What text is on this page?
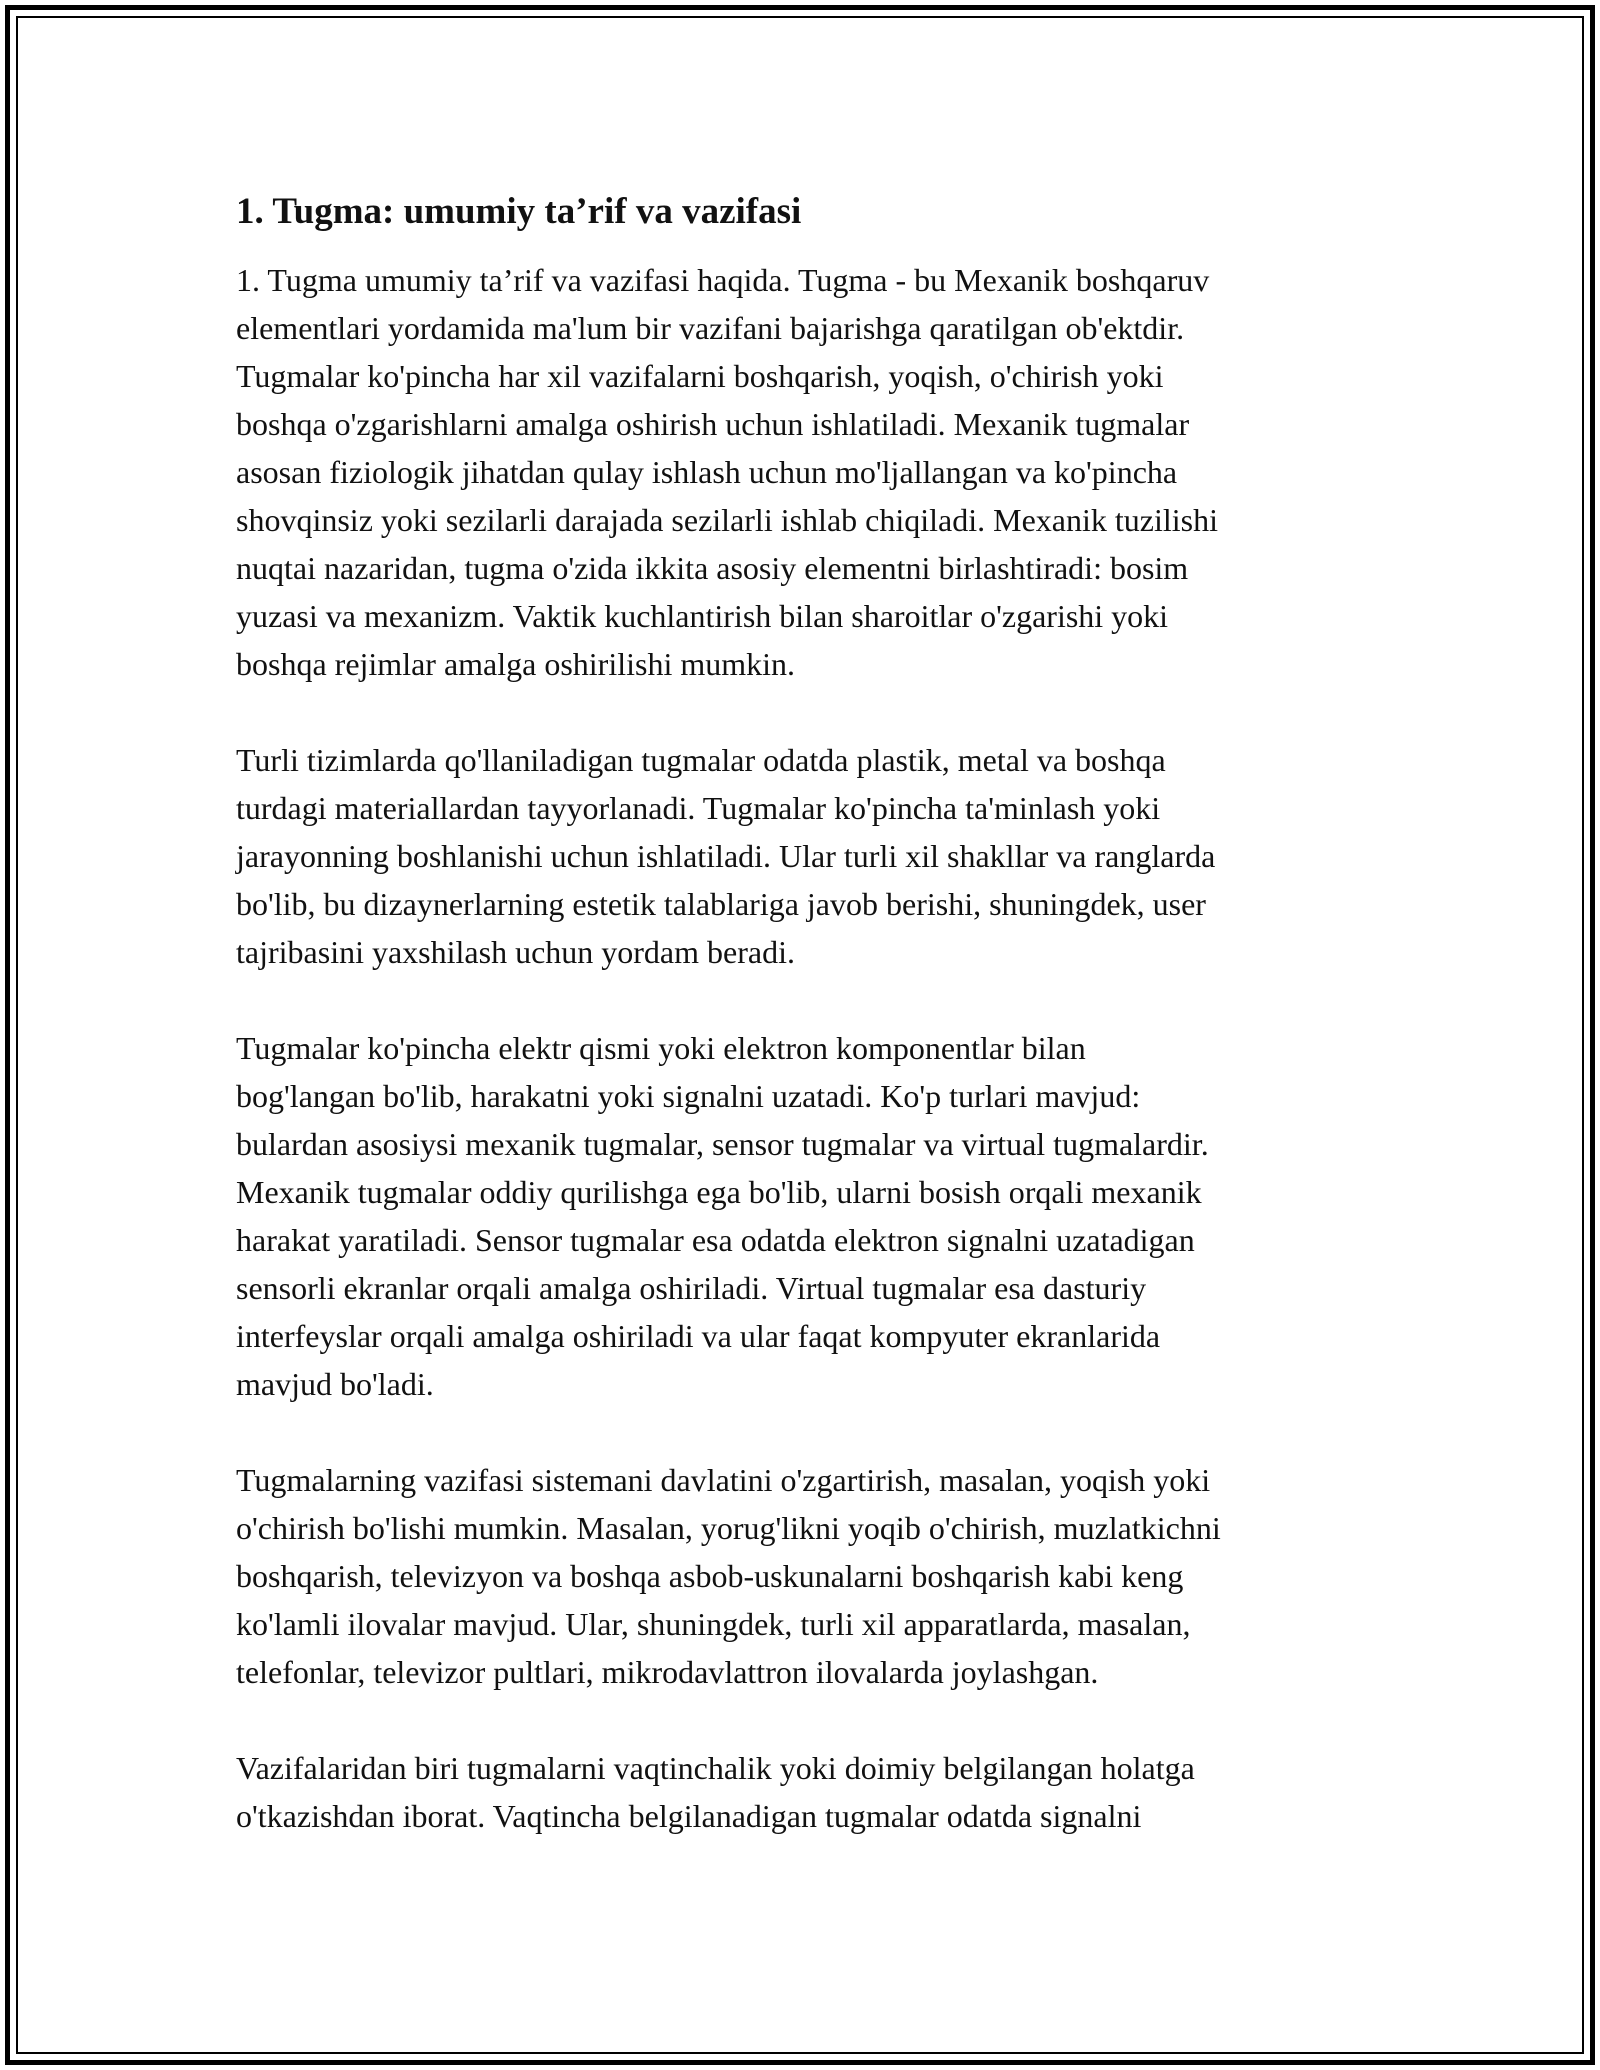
1. Tugma: umumiy ta’rif va vazifasi

1. Tugma umumiy ta’rif va vazifasi haqida. Tugma - bu Mexanik boshqaruv
elementlari yordamida ma'lum bir vazifani bajarishga qaratilgan ob'ektdir.
Tugmalar ko'pincha har xil vazifalarni boshqarish, yoqish, o'chirish yoki
boshqa o'zgarishlarni amalga oshirish uchun ishlatiladi. Mexanik tugmalar
asosan fiziologik jihatdan qulay ishlash uchun mo'ljallangan va ko'pincha
shovqinsiz yoki sezilarli darajada sezilarli ishlab chiqiladi. Mexanik tuzilishi
nuqtai nazaridan, tugma o'zida ikkita asosiy elementni birlashtiradi: bosim
yuzasi va mexanizm. Vaktik kuchlantirish bilan sharoitlar o'zgarishi yoki
boshqa rejimlar amalga oshirilishi mumkin.

Turli tizimlarda qo'llaniladigan tugmalar odatda plastik, metal va boshqa
turdagi materiallardan tayyorlanadi. Tugmalar ko'pincha ta'minlash yoki
jarayonning boshlanishi uchun ishlatiladi. Ular turli xil shakllar va ranglarda
bo'lib, bu dizaynerlarning estetik talablariga javob berishi, shuningdek, user
tajribasini yaxshilash uchun yordam beradi.

Tugmalar ko'pincha elektr qismi yoki elektron komponentlar bilan
bog'langan bo'lib, harakatni yoki signalni uzatadi. Ko'p turlari mavjud:
bulardan asosiysi mexanik tugmalar, sensor tugmalar va virtual tugmalardir.
Mexanik tugmalar oddiy qurilishga ega bo'lib, ularni bosish orqali mexanik
harakat yaratiladi. Sensor tugmalar esa odatda elektron signalni uzatadigan
sensorli ekranlar orqali amalga oshiriladi. Virtual tugmalar esa dasturiy
interfeyslar orqali amalga oshiriladi va ular faqat kompyuter ekranlarida
mavjud bo'ladi.

Tugmalarning vazifasi sistemani davlatini o'zgartirish, masalan, yoqish yoki
o'chirish bo'lishi mumkin. Masalan, yorug'likni yoqib o'chirish, muzlatkichni
boshqarish, televizyon va boshqa asbob-uskunalarni boshqarish kabi keng
ko'lamli ilovalar mavjud. Ular, shuningdek, turli xil apparatlarda, masalan,
telefonlar, televizor pultlari, mikrodavlattron ilovalarda joylashgan.

Vazifalaridan biri tugmalarni vaqtinchalik yoki doimiy belgilangan holatga
o'tkazishdan iborat. Vaqtincha belgilanadigan tugmalar odatda signalni
